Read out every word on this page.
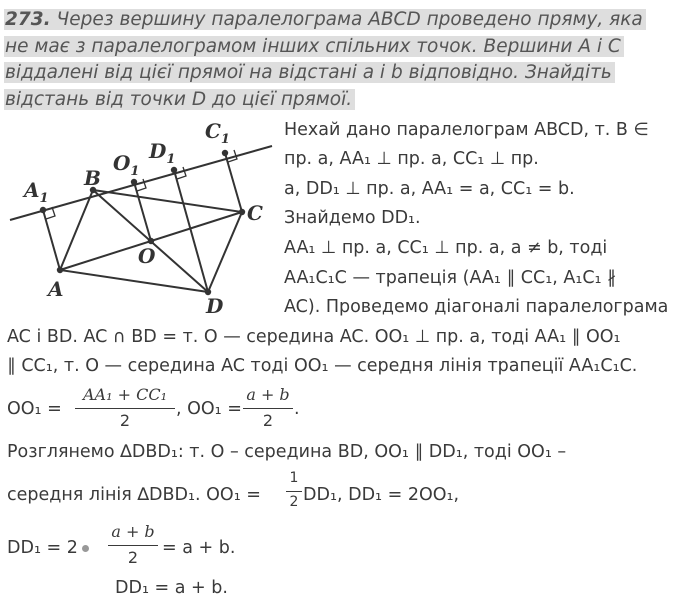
273. Через вершину паралелограма ABCD проведено пряму, яка
не має з паралелограмом інших спільних точок. Вершини A і C
віддалені від цієї прямої на відстані a і b відповідно. Знайдіть
відстань від точки D до цієї прямої.
$A_1$
B
$O_1$
$D_1$
$C_1$
C
O
A
D
Нехай дано паралелограм ABCD, т. B ∈
пр. а, AA₁ ⊥ пр. а, CC₁ ⊥ пр.
а, DD₁ ⊥ пр. а, AA₁ = a, CC₁ = b.
Знайдемо DD₁.
AA₁ ⊥ пр. а, CC₁ ⊥ пр. а, a ≠ b, тоді
AA₁C₁C — трапеція (AA₁ ∥ CC₁, A₁C₁ ∦
AC). Проведемо діагоналі паралелограма
AC і BD. AC ∩ BD = т. O — середина AC. OO₁ ⊥ пр. а, тоді AA₁ ∥ OO₁
∥ CC₁, т. O — середина AC тоді OO₁ — середня лінія трапеції AA₁C₁C.
OO₁ =
AA₁ + CC₁
2
, OO₁ =
a + b
2
.
Розглянемо ∆DBD₁: т. O – середина BD, OO₁ ∥ DD₁, тоді OO₁ –
середня лінія ∆DBD₁. OO₁ =
1
2 DD₁, DD₁ = 2OO₁,
DD₁ = 2
a + b
2	= a + b.
DD₁ = a + b.
